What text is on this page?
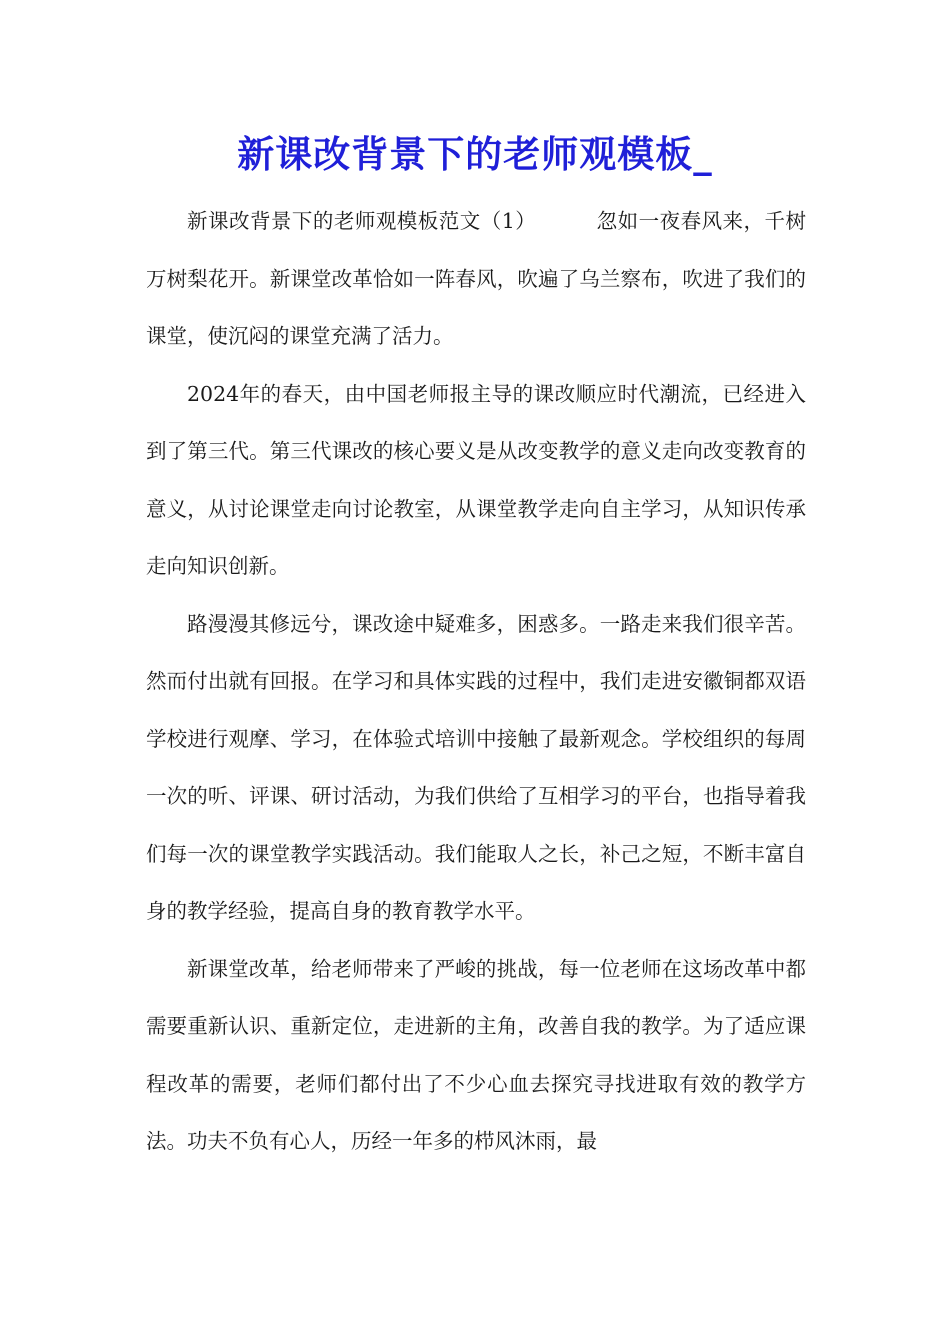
新课改背景下的老师观模板_

新课改背景下的老师观模板范文（1）	忽如一夜春风来，千树万树梨花开。新课堂改革恰如一阵春风，吹遍了乌兰察布，吹进了我们的课堂，使沉闷的课堂充满了活力。

2024年的春天，由中国老师报主导的课改顺应时代潮流，已经进入到了第三代。第三代课改的核心要义是从改变教学的意义走向改变教育的意义，从讨论课堂走向讨论教室，从课堂教学走向自主学习，从知识传承走向知识创新。

路漫漫其修远兮，课改途中疑难多，困惑多。一路走来我们很辛苦。然而付出就有回报。在学习和具体实践的过程中，我们走进安徽铜都双语学校进行观摩、学习，在体验式培训中接触了最新观念。学校组织的每周一次的听、评课、研讨活动，为我们供给了互相学习的平台，也指导着我们每一次的课堂教学实践活动。我们能取人之长，补己之短，不断丰富自身的教学经验，提高自身的教育教学水平。

新课堂改革，给老师带来了严峻的挑战，每一位老师在这场改革中都需要重新认识、重新定位，走进新的主角，改善自我的教学。为了适应课程改革的需要，老师们都付出了不少心血去探究寻找进取有效的教学方法。功夫不负有心人，历经一年多的栉风沐雨，最
